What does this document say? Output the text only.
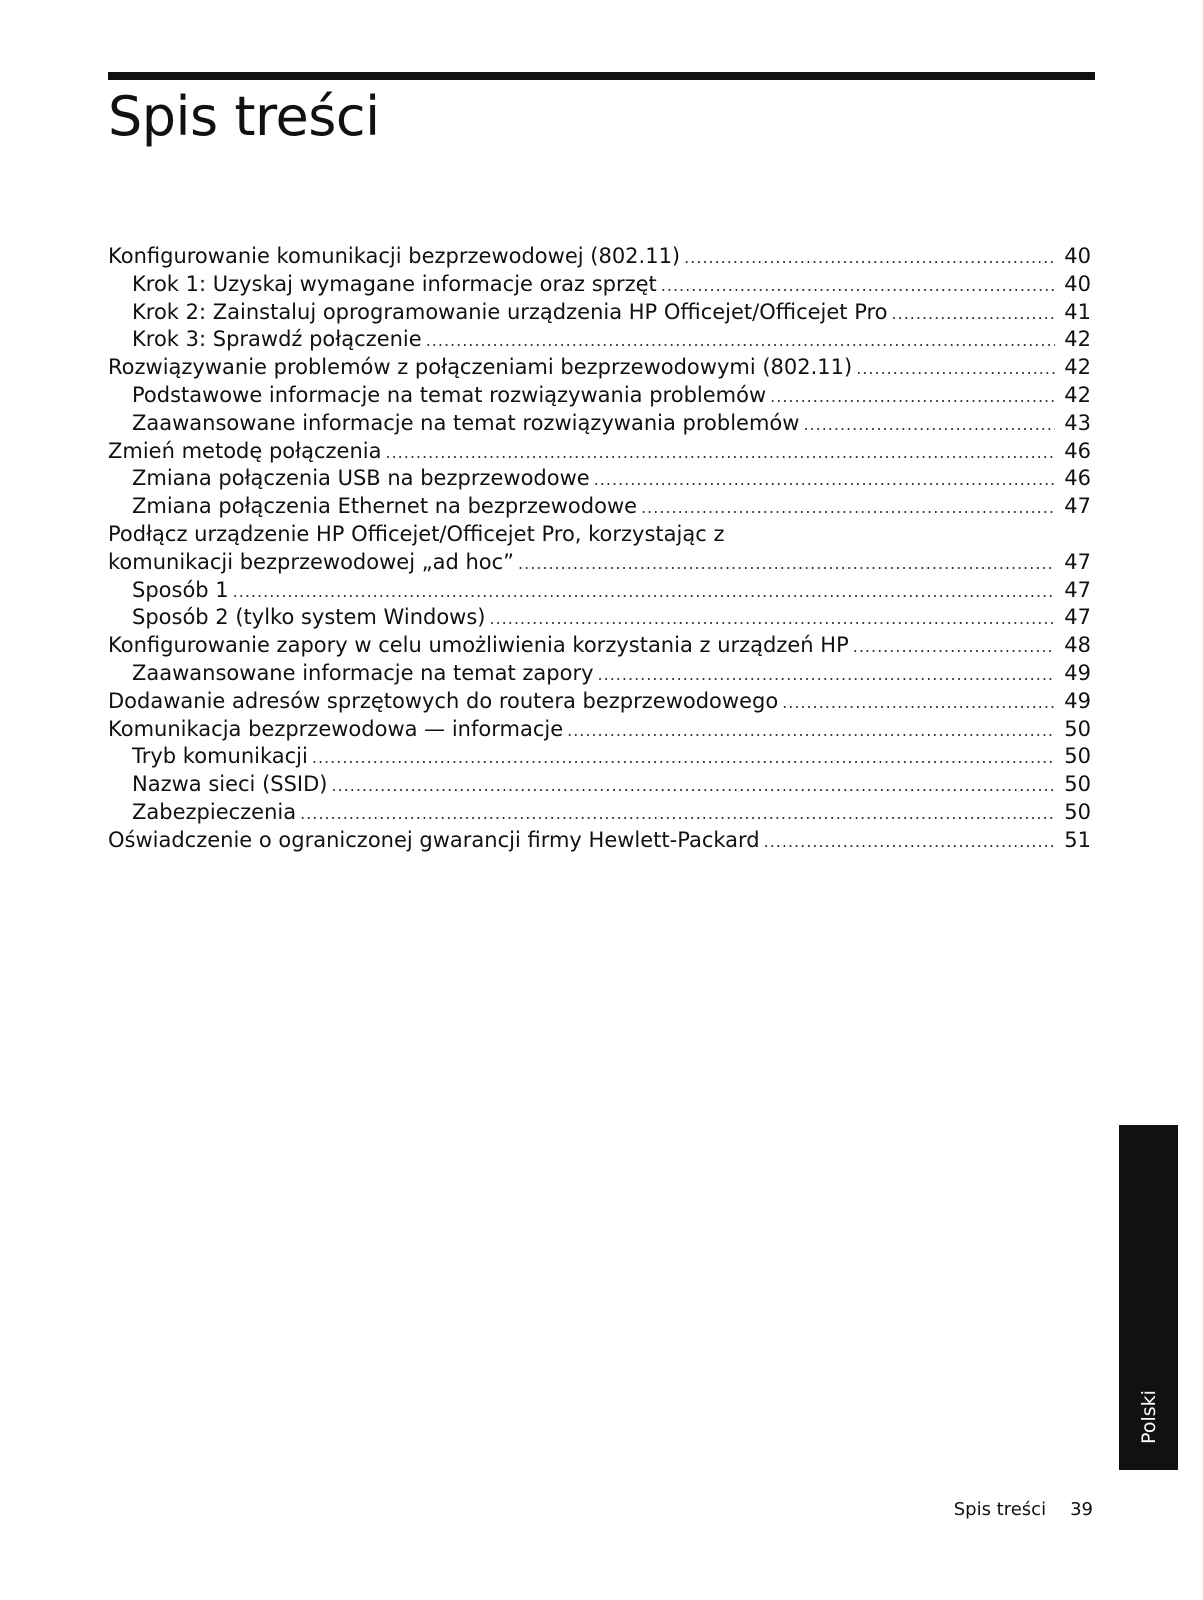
Spis treści
Konfigurowanie komunikacji bezprzewodowej (802.11) .....	40
Krok 1: Uzyskaj wymagane informacje oraz sprzęt .....	40
Krok 2: Zainstaluj oprogramowanie urządzenia HP Officejet/Officejet Pro .....	41
Krok 3: Sprawdź połączenie .....	42
Rozwiązywanie problemów z połączeniami bezprzewodowymi (802.11) .....	42
Podstawowe informacje na temat rozwiązywania problemów .....	42
Zaawansowane informacje na temat rozwiązywania problemów .....	43
Zmień metodę połączenia .....	46
Zmiana połączenia USB na bezprzewodowe .....	46
Zmiana połączenia Ethernet na bezprzewodowe .....	47
Podłącz urządzenie HP Officejet/Officejet Pro, korzystając z
komunikacji bezprzewodowej „ad hoc” .....	47
Sposób 1 .....	47
Sposób 2 (tylko system Windows) .....	47
Konfigurowanie zapory w celu umożliwienia korzystania z urządzeń HP .....	48
Zaawansowane informacje na temat zapory .....	49
Dodawanie adresów sprzętowych do routera bezprzewodowego .....	49
Komunikacja bezprzewodowa — informacje .....	50
Tryb komunikacji .....	50
Nazwa sieci (SSID) .....	50
Zabezpieczenia .....	50
Oświadczenie o ograniczonej gwarancji firmy Hewlett-Packard .....	51
Polski
Spis treści 39
